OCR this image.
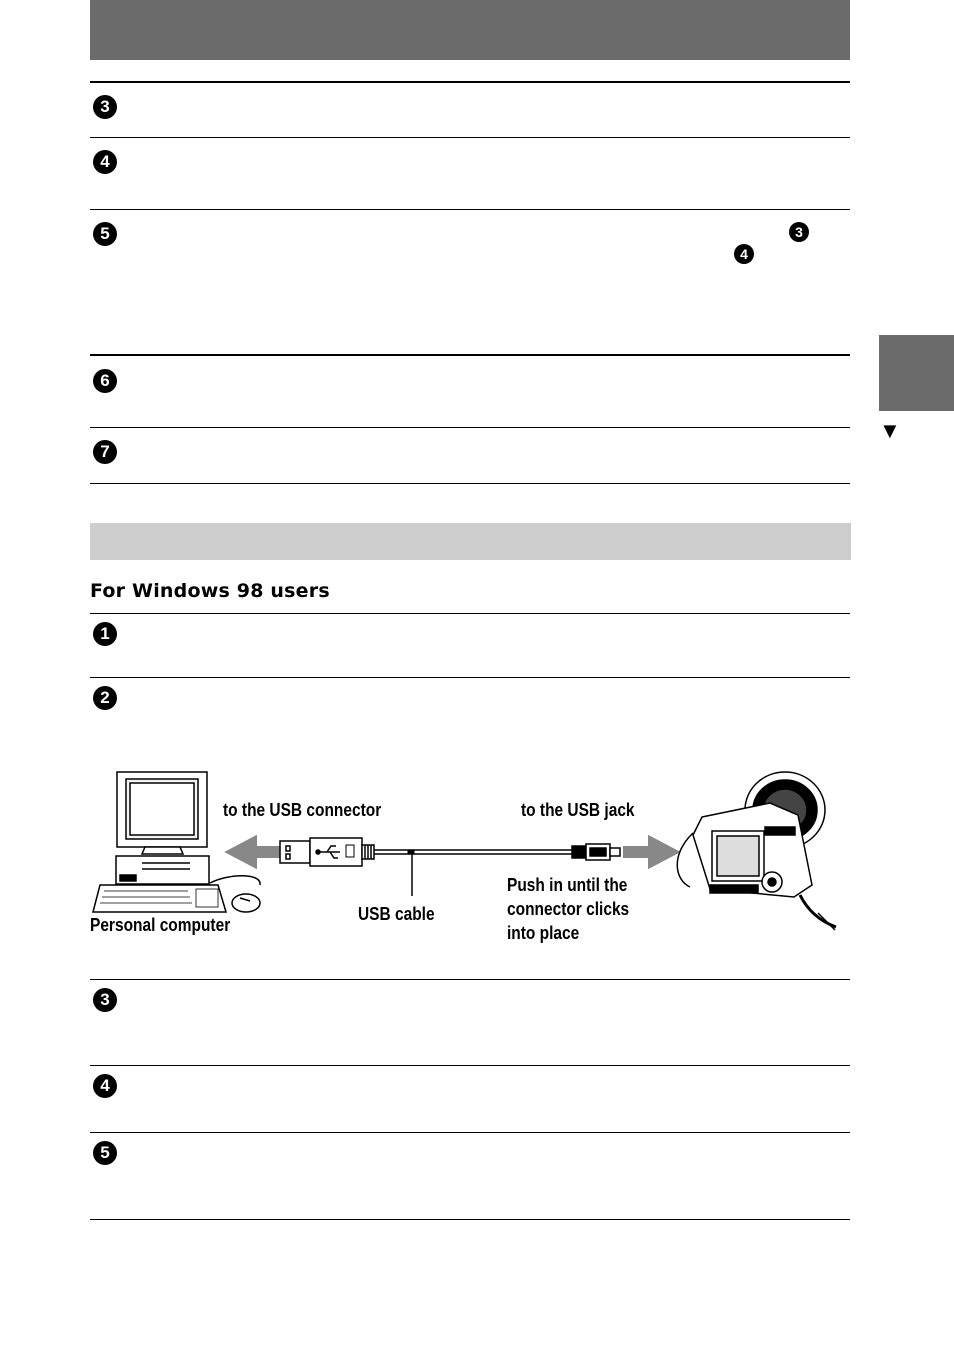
▼
3
4
5	3
4
6
7
For Windows 98 users
1
2
to the USB connector	to the USB jack
Personal computer
USB cable
Push in until the
connector clicks
into place
3
4
5
